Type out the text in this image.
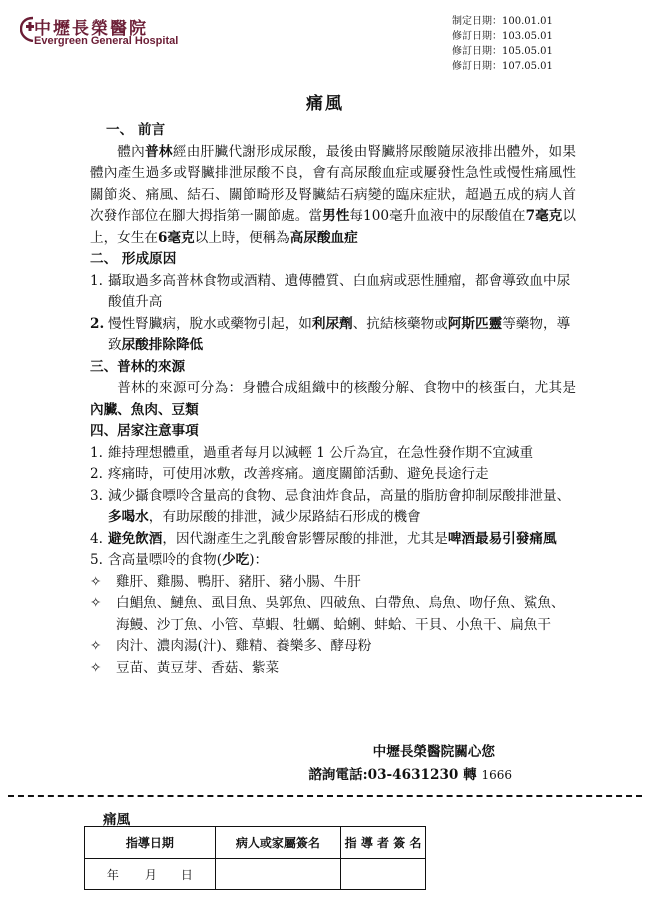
中壢長榮醫院
Evergreen General Hospital
制定日期：100.01.01
修訂日期：103.05.01
修訂日期：105.05.01
修訂日期：107.05.01
痛風
一、 前言
體內普林經由肝臟代謝形成尿酸，最後由腎臟將尿酸隨尿液排出體外，如果體內產生過多或腎臟排泄尿酸不良，會有高尿酸血症或屢發性急性或慢性痛風性關節炎、痛風、結石、關節畸形及腎臟結石病變的臨床症狀，超過五成的病人首次發作部位在腳大拇指第一關節處。當男性每100毫升血液中的尿酸值在7毫克以上，女生在6毫克以上時，便稱為高尿酸血症
二、 形成原因
1. 攝取過多高普林食物或酒精、遺傳體質、白血病或惡性腫瘤，都會導致血中尿酸值升高
2. 慢性腎臟病，脫水或藥物引起，如利尿劑、抗結核藥物或阿斯匹靈等藥物，導致尿酸排除降低
三、普林的來源
普林的來源可分為：身體合成組織中的核酸分解、食物中的核蛋白，尤其是內臟、魚肉、豆類
四、居家注意事項
1. 維持理想體重，過重者每月以減輕 1 公斤為宜，在急性發作期不宜減重
2. 疼痛時，可使用冰敷，改善疼痛。適度關節活動、避免長途行走
3. 減少攝食嘌呤含量高的食物、忌食油炸食品，高量的脂肪會抑制尿酸排泄量、多喝水，有助尿酸的排泄，減少尿路結石形成的機會
4. 避免飲酒，因代謝產生之乳酸會影響尿酸的排泄，尤其是啤酒最易引發痛風
5. 含高量嘌呤的食物(少吃)：
✧	雞肝、雞腸、鴨肝、豬肝、豬小腸、牛肝
✧	白鯧魚、鰱魚、虱目魚、吳郭魚、四破魚、白帶魚、烏魚、吻仔魚、鯊魚、海鰻、沙丁魚、小管、草蝦、牡蠣、蛤蜊、蚌蛤、干貝、小魚干、扁魚干
✧	肉汁、濃肉湯(汁)、雞精、養樂多、酵母粉
✧	豆苗、黃豆芽、香菇、紫菜
中壢長榮醫院關心您
諮詢電話:03-4631230 轉 1666
痛風
指導日期	病人或家屬簽名	指 導 者 簽 名
年 月 日		
